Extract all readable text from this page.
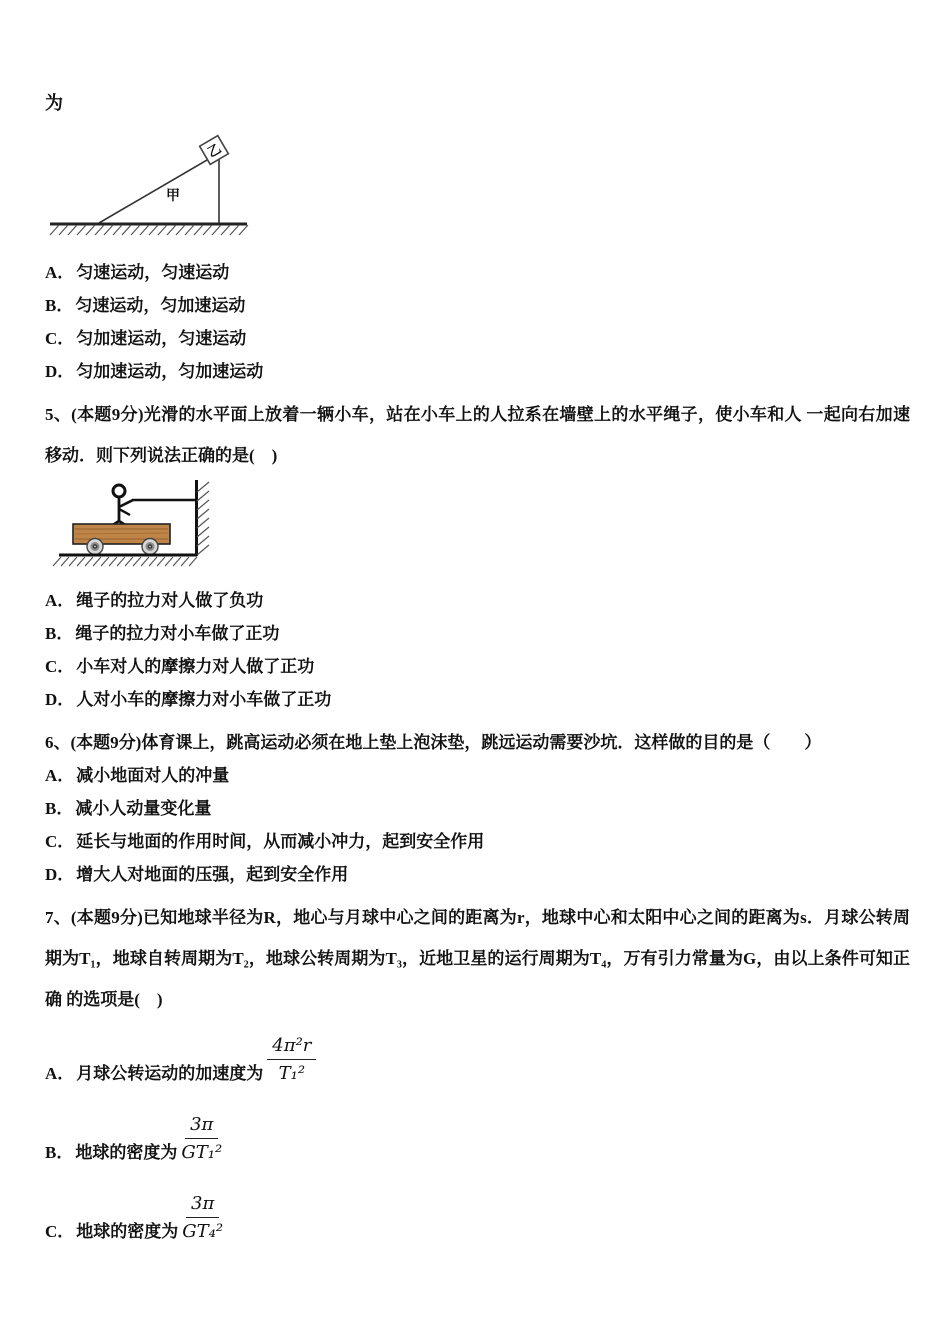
为
乙
甲
A． 匀速运动，匀速运动
B． 匀速运动，匀加速运动
C． 匀加速运动，匀速运动
D． 匀加速运动，匀加速运动

5、(本题9分)光滑的水平面上放着一辆小车，站在小车上的人拉系在墙壁上的水平绳子，使小车和人 一起向右加速移动．则下列说法正确的是(　)

A． 绳子的拉力对人做了负功
B． 绳子的拉力对小车做了正功
C． 小车对人的摩擦力对人做了正功
D． 人对小车的摩擦力对小车做了正功

6、(本题9分)体育课上，跳高运动必须在地上垫上泡沫垫，跳远运动需要沙坑．这样做的目的是（　　）

A． 减小地面对人的冲量
B． 减小人动量变化量
C． 延长与地面的作用时间，从而减小冲力，起到安全作用
D． 增大人对地面的压强，起到安全作用

7、(本题9分)已知地球半径为R，地心与月球中心之间的距离为r，地球中心和太阳中心之间的距离为s．月球公转周期为T₁，地球自转周期为T₂，地球公转周期为T₃，近地卫星的运行周期为T₄，万有引力常量为G，由以上条件可知正确 的选项是(　)

A． 月球公转运动的加速度为 $\frac{\text{4π²r}}{\text{T₁²}}$
B． 地球的密度为 $\frac{3\pi}{\text{GT₁²}}$
C． 地球的密度为 $\frac{3\pi}{\text{GT₄²}}$
